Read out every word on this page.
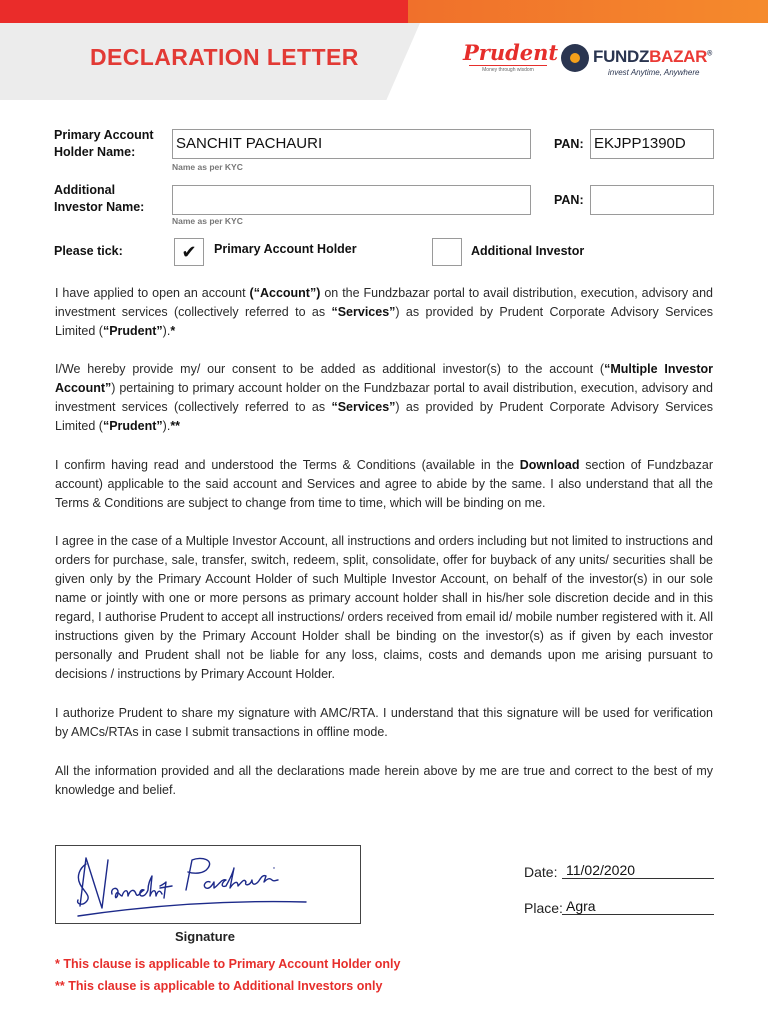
DECLARATION LETTER	Prudent
Money through wisdom
FUNDZBAZAR®
invest Anytime, Anywhere
Primary Account
Holder Name:	SANCHIT PACHAURI
Name as per KYC
PAN: EKJPP1390D
Additional
Investor Name:
Name as per KYC
PAN:
Please tick:	✔	Primary Account Holder	Additional Investor

I have applied to open an account (“Account”) on the Fundzbazar portal to avail distribution, execution, advisory and investment services (collectively referred to as “Services”) as provided by Prudent Corporate Advisory Services Limited (“Prudent”).*

I/We hereby provide my/ our consent to be added as additional investor(s) to the account (“Multiple Investor Account”) pertaining to primary account holder on the Fundzbazar portal to avail distribution, execution, advisory and investment services (collectively referred to as “Services”) as provided by Prudent Corporate Advisory Services Limited (“Prudent”).**

I confirm having read and understood the Terms & Conditions (available in the Download section of Fundzbazar account) applicable to the said account and Services and agree to abide by the same. I also understand that all the Terms & Conditions are subject to change from time to time, which will be binding on me.

I agree in the case of a Multiple Investor Account, all instructions and orders including but not limited to instructions and orders for purchase, sale, transfer, switch, redeem, split, consolidate, offer for buyback of any units/ securities shall be given only by the Primary Account Holder of such Multiple Investor Account, on behalf of the investor(s) in our sole name or jointly with one or more persons as primary account holder shall in his/her sole discretion decide and in this regard, I authorise Prudent to accept all instructions/ orders received from email id/ mobile number registered with it. All instructions given by the Primary Account Holder shall be binding on the investor(s) as if given by each investor personally and Prudent shall not be liable for any loss, claims, costs and demands upon me arising pursuant to decisions / instructions by Primary Account Holder.

I authorize Prudent to share my signature with AMC/RTA. I understand that this signature will be used for verification by AMCs/RTAs in case I submit transactions in offline mode.

All the information provided and all the declarations made herein above by me are true and correct to the best of my knowledge and belief.

Signature
Date: 11/02/2020
Place: Agra
* This clause is applicable to Primary Account Holder only
** This clause is applicable to Additional Investors only
